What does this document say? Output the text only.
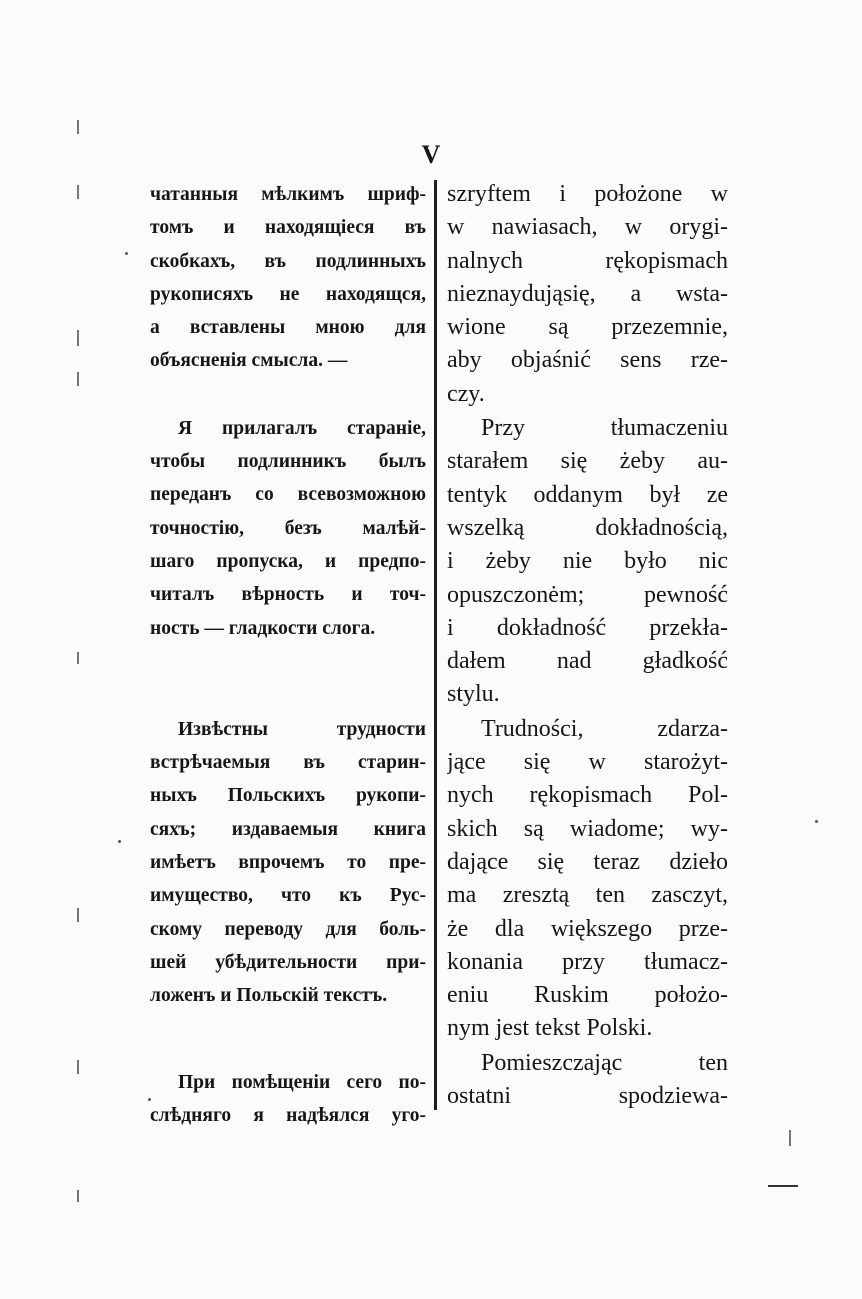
V
чатанныя мѣлкимъ шриф-
томъ и находящіеся въ
скобкахъ, въ подлинныхъ
рукописяхъ не находящся,
а вставлены мною для
объясненія смысла. —
Я прилагалъ стараніе,
чтобы подлинникъ былъ
переданъ со всевозможною
точностію, безъ малѣй-
шаго пропуска, и предпо-
читалъ вѣрность и точ-
ность — гладкости слога.
Извѣстны трудности
встрѣчаемыя въ старин-
ныхъ Польскихъ рукопи-
сяхъ; издаваемыя книга
имѣетъ впрочемъ то пре-
имущество, что къ Рус-
скому переводу для боль-
шей убѣдительности при-
ложенъ и Польскій текстъ.
При помѣщеніи сего по-
слѣдняго я надѣялся уго-
szryftem i położone w
w nawiasach, w orygi-
nalnych rękopismach
nieznaydująsię, a wsta-
wione są przezemnie,
aby objaśnić sens rze-
czy.
Przy tłumaczeniu
starałem się żeby au-
tentyk oddanym był ze
wszelką dokładnością,
i żeby nie było nic
opuszczonėm; pewność
i dokładność przekła-
dałem nad gładkość
stylu.
Trudności, zdarza-
jące się w starożyt-
nych rękopismach Pol-
skich są wiadome; wy-
dające się teraz dzieło
ma zresztą ten zasczyt,
że dla większego prze-
konania przy tłumacz-
eniu Ruskim położo-
nym jest tekst Polski.
Pomieszczając ten
ostatni spodziewa-
